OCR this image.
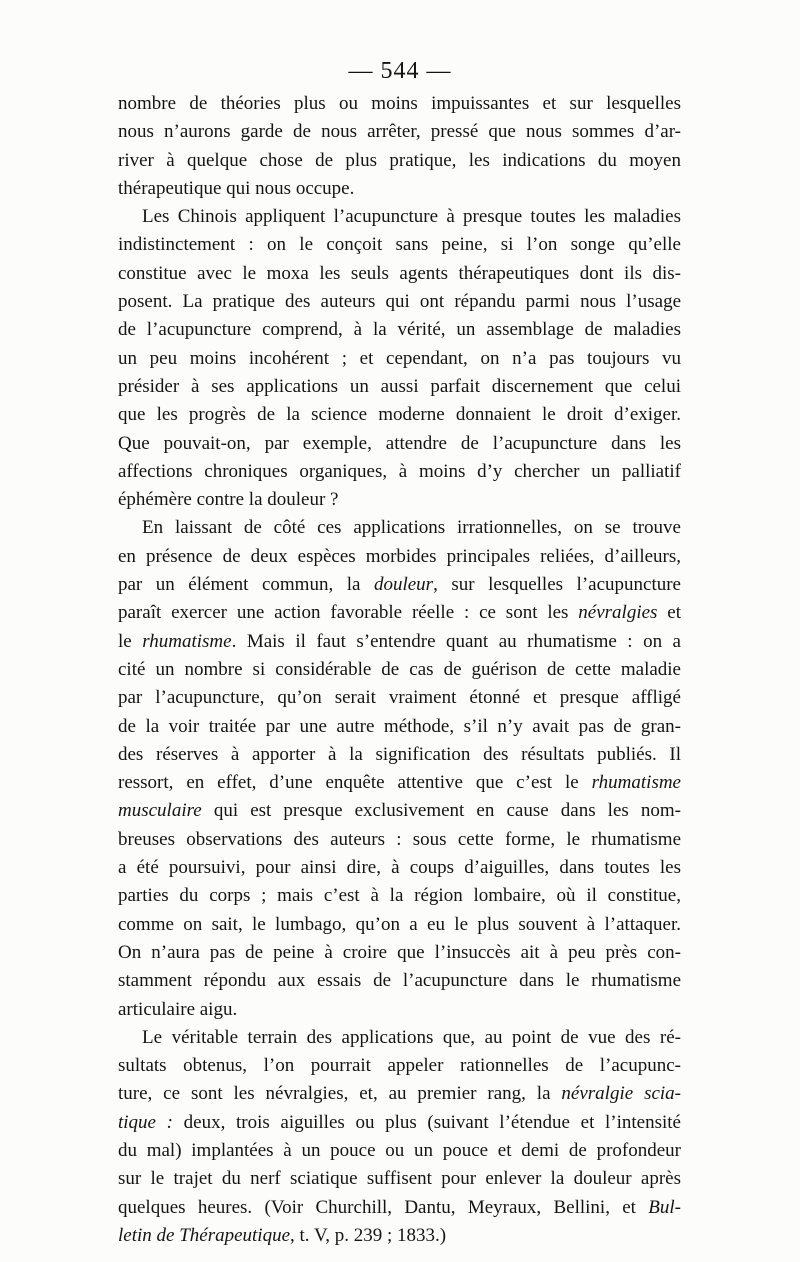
— 544 —
nombre de théories plus ou moins impuissantes et sur lesquelles
nous n’aurons garde de nous arrêter, pressé que nous sommes d’ar-
river à quelque chose de plus pratique, les indications du moyen
thérapeutique qui nous occupe.
Les Chinois appliquent l’acupuncture à presque toutes les maladies
indistinctement : on le conçoit sans peine, si l’on songe qu’elle
constitue avec le moxa les seuls agents thérapeutiques dont ils dis-
posent. La pratique des auteurs qui ont répandu parmi nous l’usage
de l’acupuncture comprend, à la vérité, un assemblage de maladies
un peu moins incohérent ; et cependant, on n’a pas toujours vu
présider à ses applications un aussi parfait discernement que celui
que les progrès de la science moderne donnaient le droit d’exiger.
Que pouvait-on, par exemple, attendre de l’acupuncture dans les
affections chroniques organiques, à moins d’y chercher un palliatif
éphémère contre la douleur ?
En laissant de côté ces applications irrationnelles, on se trouve
en présence de deux espèces morbides principales reliées, d’ailleurs,
par un élément commun, la douleur, sur lesquelles l’acupuncture
paraît exercer une action favorable réelle : ce sont les névralgies et
le rhumatisme. Mais il faut s’entendre quant au rhumatisme : on a
cité un nombre si considérable de cas de guérison de cette maladie
par l’acupuncture, qu’on serait vraiment étonné et presque affligé
de la voir traitée par une autre méthode, s’il n’y avait pas de gran-
des réserves à apporter à la signification des résultats publiés. Il
ressort, en effet, d’une enquête attentive que c’est le rhumatisme
musculaire qui est presque exclusivement en cause dans les nom-
breuses observations des auteurs : sous cette forme, le rhumatisme
a été poursuivi, pour ainsi dire, à coups d’aiguilles, dans toutes les
parties du corps ; mais c’est à la région lombaire, où il constitue,
comme on sait, le lumbago, qu’on a eu le plus souvent à l’attaquer.
On n’aura pas de peine à croire que l’insuccès ait à peu près con-
stamment répondu aux essais de l’acupuncture dans le rhumatisme
articulaire aigu.
Le véritable terrain des applications que, au point de vue des ré-
sultats obtenus, l’on pourrait appeler rationnelles de l’acupunc-
ture, ce sont les névralgies, et, au premier rang, la névralgie scia-
tique : deux, trois aiguilles ou plus (suivant l’étendue et l’intensité
du mal) implantées à un pouce ou un pouce et demi de profondeur
sur le trajet du nerf sciatique suffisent pour enlever la douleur après
quelques heures. (Voir Churchill, Dantu, Meyraux, Bellini, et Bul-
letin de Thérapeutique, t. V, p. 239 ; 1833.)
